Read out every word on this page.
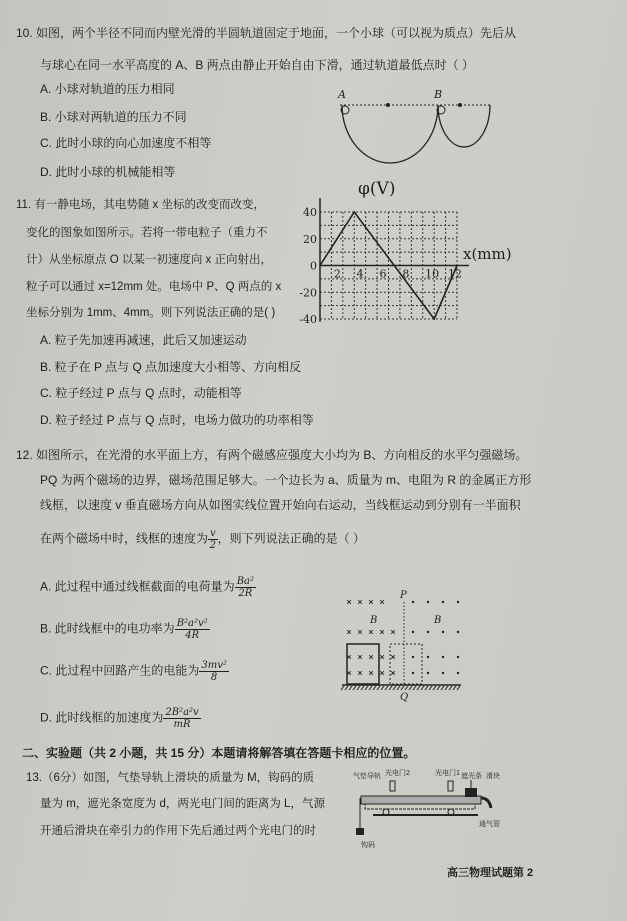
10. 如图，两个半径不同而内壁光滑的半圆轨道固定于地面，一个小球（可以视为质点）先后从
与球心在同一水平高度的 A、B 两点由静止开始自由下滑，通过轨道最低点时（ ）
A. 小球对轨道的压力相同
B. 小球对两轨道的压力不同
C. 此时小球的向心加速度不相等
D. 此时小球的机械能相等
A	B
11. 有一静电场，其电势随 x 坐标的改变而改变，
变化的图象如图所示。若将一带电粒子（重力不
计）从坐标原点 O 以某一初速度向 x 正向射出，
粒子可以通过 x=12mm 处。电场中 P、Q 两点的 x
坐标分别为 1mm、4mm。则下列说法正确的是( )
A. 粒子先加速再减速，此后又加速运动
B. 粒子在 P 点与 Q 点加速度大小相等、方向相反
C. 粒子经过 P 点与 Q 点时，动能相等
D. 粒子经过 P 点与 Q 点时，电场力做功的功率相等
2 4 6 8 10 12
40
20
0
-20
-40
φ(V)
x(mm)
12. 如图所示，在光滑的水平面上方，有两个磁感应强度大小均为 B、方向相反的水平匀强磁场。
PQ 为两个磁场的边界，磁场范围足够大。一个边长为 a、质量为 m、电阻为 R 的金属正方形
线框，以速度 v 垂直磁场方向从如图实线位置开始向右运动，当线框运动到分别有一半面积
在两个磁场中时，线框的速度为 $\frac{v}{2}$ ，则下列说法正确的是（ ）
A. 此过程中通过线框截面的电荷量为 $\frac{\text{Ba²}}{2R}$
B. 此时线框中的电功率为 $\frac{\text{B²a²v²}}{4R}$
C. 此过程中回路产生的电能为 $\frac{\text{3mv²}}{8}$
D. 此时线框的加速度为 $\frac{\text{2B²a²v}}{mR}$
P
Q
B	B
二、实验题（共 2 小题，共 15 分）本题请将解答填在答题卡相应的位置。
13.（6分）如图，气垫导轨上滑块的质量为 M，钩码的质
量为 m，遮光条宽度为 d，两光电门间的距离为 L，气源
开通后滑块在牵引力的作用下先后通过两个光电门的时
气垫导轨 光电门2	光电门1 遮光条 滑块
钩码
通气管
高三物理试题第 2
